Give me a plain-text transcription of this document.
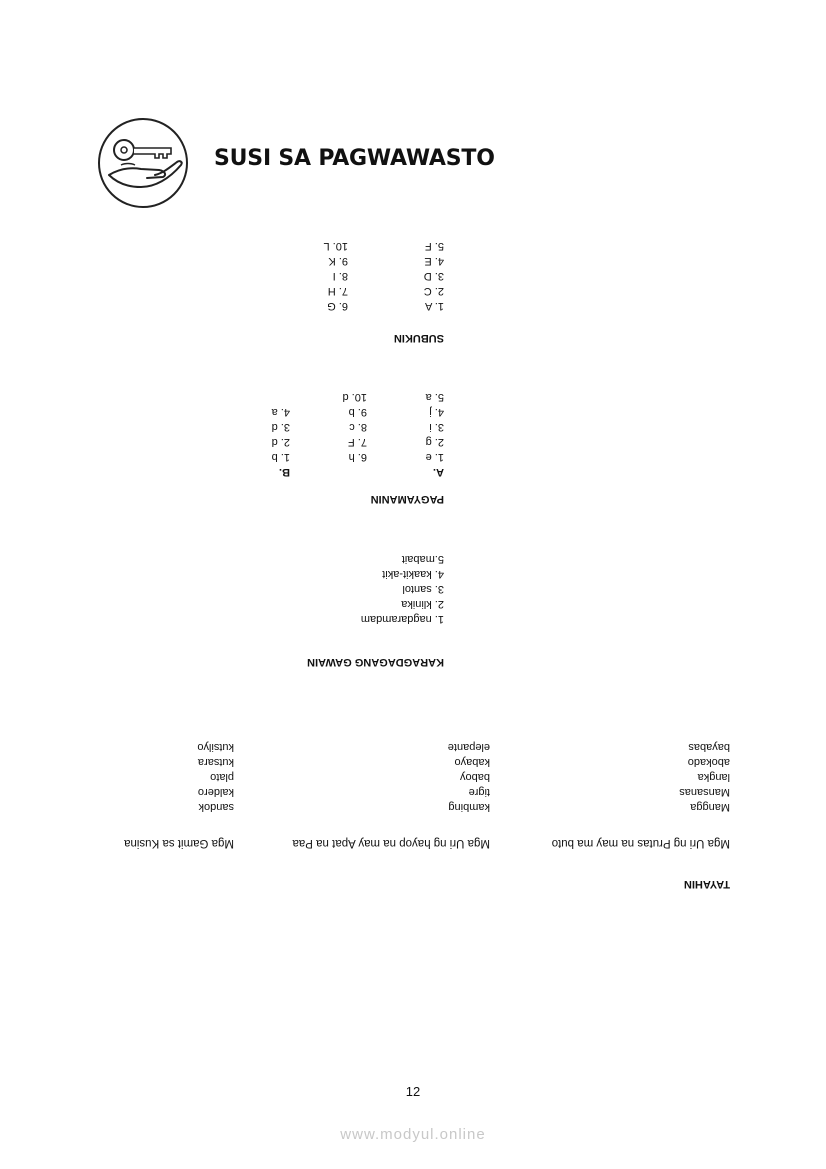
SUSI SA PAGWAWASTO
TAYAHIN
Mga Uri ng Prutas na may ma buto
Mga Uri ng hayop na may Apat na Paa
Mga Gamit sa Kusina
Mangga
Mansanas
langka
abokado
bayabas
kambing
tigre
baboy
kabayo
elepante
sandok
kaldero
plato
kutsara
kutsilyo
KARAGDAGANG GAWAIN
1. nagdaramdam
2. klinika
3. santol
4. kaakit-akit
5.mabait
PAGYAMANIN
A.
B.
1. e
2. g
3. i
4. j
5. a
6. h
7. F
8. c
9. b
10. d
1. b
2. d
3. d
4. a
SUBUKIN
1. A
2. C
3. D
4. E
5. F
6. G
7. H
8. I
9. K
10. L
12
www.modyul.online
